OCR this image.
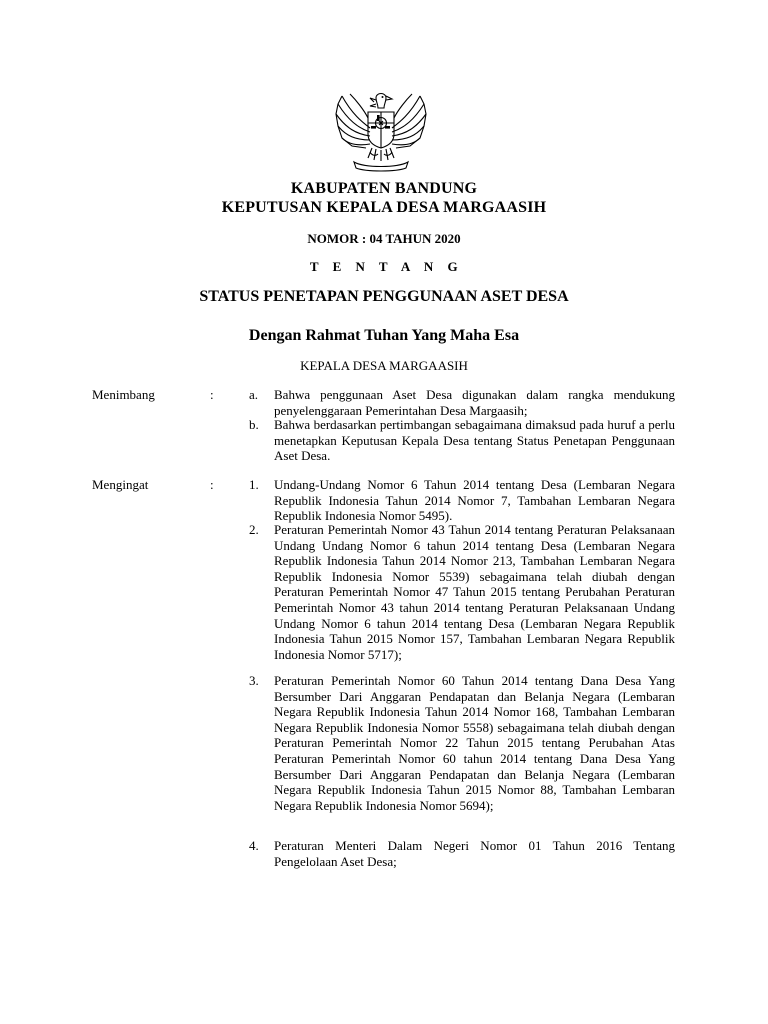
KABUPATEN BANDUNG
KEPUTUSAN KEPALA DESA MARGAASIH
NOMOR : 04 TAHUN 2020
T E N T A N G
STATUS PENETAPAN PENGGUNAAN ASET DESA
Dengan Rahmat Tuhan Yang Maha Esa
KEPALA DESA MARGAASIH
Menimbang	:	a. Bahwa penggunaan Aset Desa digunakan dalam rangka mendukung penyelenggaraan Pemerintahan Desa Margaasih;
b. Bahwa berdasarkan pertimbangan sebagaimana dimaksud pada huruf a perlu menetapkan Keputusan Kepala Desa tentang Status Penetapan Penggunaan Aset Desa.
Mengingat	:	1. Undang-Undang Nomor 6 Tahun 2014 tentang Desa (Lembaran Negara Republik Indonesia Tahun 2014 Nomor 7, Tambahan Lembaran Negara Republik Indonesia Nomor 5495).
2. Peraturan Pemerintah Nomor 43 Tahun 2014 tentang Peraturan Pelaksanaan Undang Undang Nomor 6 tahun 2014 tentang Desa (Lembaran Negara Republik Indonesia Tahun 2014 Nomor 213, Tambahan Lembaran Negara Republik Indonesia Nomor 5539) sebagaimana telah diubah dengan Peraturan Pemerintah Nomor 47 Tahun 2015 tentang Perubahan Peraturan Pemerintah Nomor 43 tahun 2014 tentang Peraturan Pelaksanaan Undang Undang Nomor 6 tahun 2014 tentang Desa (Lembaran Negara Republik Indonesia Tahun 2015 Nomor 157, Tambahan Lembaran Negara Republik Indonesia Nomor 5717);
3. Peraturan Pemerintah Nomor 60 Tahun 2014 tentang Dana Desa Yang Bersumber Dari Anggaran Pendapatan dan Belanja Negara (Lembaran Negara Republik Indonesia Tahun 2014 Nomor 168, Tambahan Lembaran Negara Republik Indonesia Nomor 5558) sebagaimana telah diubah dengan Peraturan Pemerintah Nomor 22 Tahun 2015 tentang Perubahan Atas Peraturan Pemerintah Nomor 60 tahun 2014 tentang Dana Desa Yang Bersumber Dari Anggaran Pendapatan dan Belanja Negara (Lembaran Negara Republik Indonesia Tahun 2015 Nomor 88, Tambahan Lembaran Negara Republik Indonesia Nomor 5694);
4. Peraturan Menteri Dalam Negeri Nomor 01 Tahun 2016 Tentang Pengelolaan Aset Desa;
